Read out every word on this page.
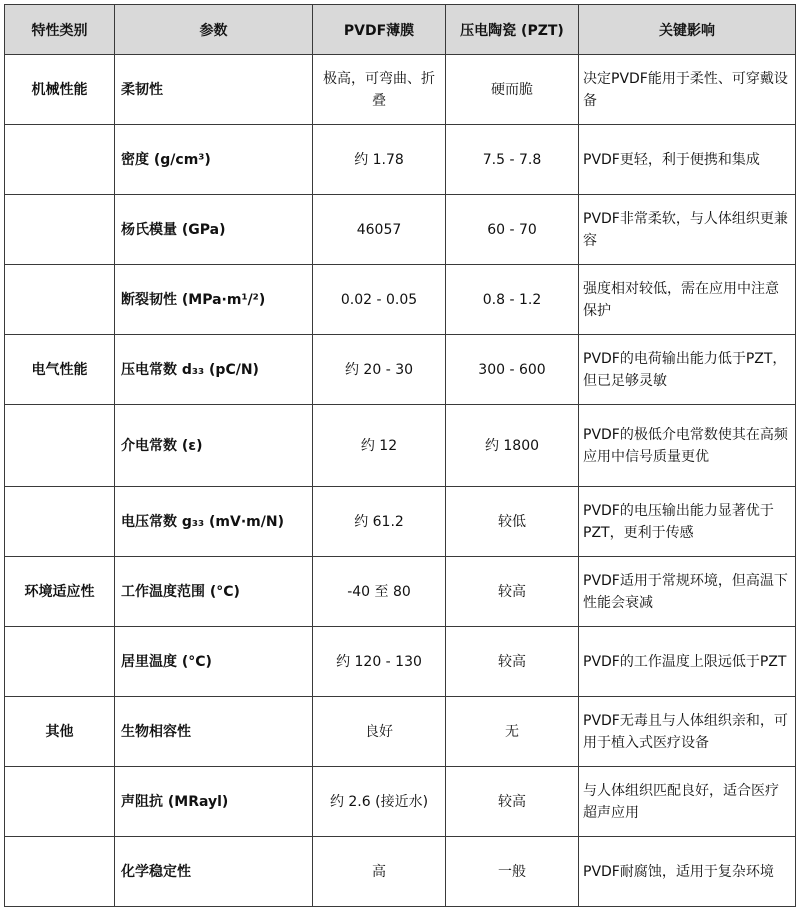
特性类别	参数	PVDF薄膜	压电陶瓷 (PZT)	关键影响
机械性能	柔韧性	极高，可弯曲、折叠	硬而脆	决定PVDF能用于柔性、可穿戴设备
	密度 (g/cm³)	约 1.78	7.5 - 7.8	PVDF更轻，利于便携和集成
	杨氏模量 (GPa)	46057	60 - 70	PVDF非常柔软，与人体组织更兼容
	断裂韧性 (MPa·m¹/²)	0.02 - 0.05	0.8 - 1.2	强度相对较低，需在应用中注意保护
电气性能	压电常数 d₃₃ (pC/N)	约 20 - 30	300 - 600	PVDF的电荷输出能力低于PZT，但已足够灵敏
	介电常数 (ε)	约 12	约 1800	PVDF的极低介电常数使其在高频应用中信号质量更优
	电压常数 g₃₃ (mV·m/N)	约 61.2	较低	PVDF的电压输出能力显著优于PZT，更利于传感
环境适应性	工作温度范围 (°C)	-40 至 80	较高	PVDF适用于常规环境，但高温下性能会衰减
	居里温度 (°C)	约 120 - 130	较高	PVDF的工作温度上限远低于PZT
其他	生物相容性	良好	无	PVDF无毒且与人体组织亲和，可用于植入式医疗设备
	声阻抗 (MRayl)	约 2.6 (接近水)	较高	与人体组织匹配良好，适合医疗超声应用
	化学稳定性	高	一般	PVDF耐腐蚀，适用于复杂环境
